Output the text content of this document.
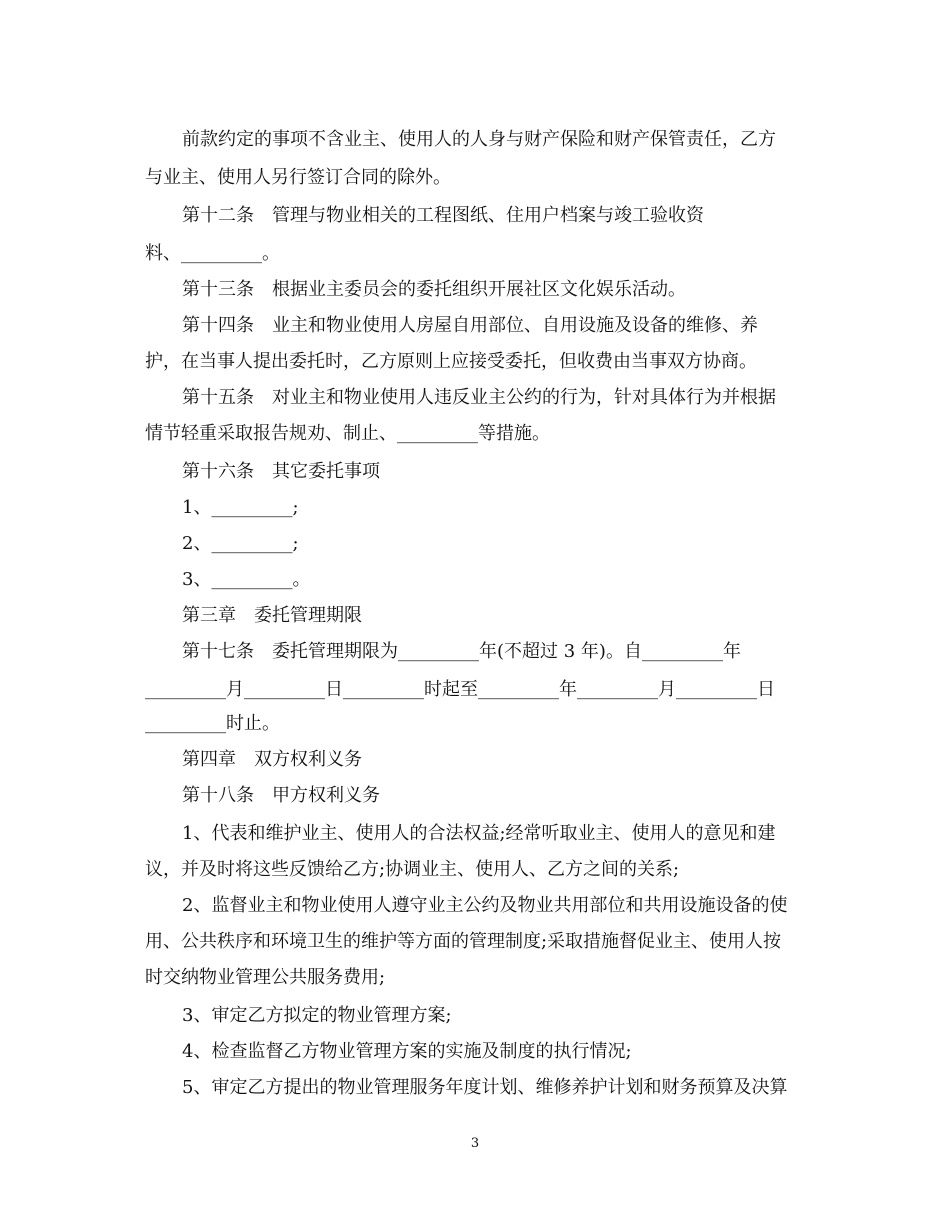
前款约定的事项不含业主、使用人的人身与财产保险和财产保管责任，乙方
与业主、使用人另行签订合同的除外。
第十二条　管理与物业相关的工程图纸、住用户档案与竣工验收资
料、_________。
第十三条　根据业主委员会的委托组织开展社区文化娱乐活动。
第十四条　业主和物业使用人房屋自用部位、自用设施及设备的维修、养
护，在当事人提出委托时，乙方原则上应接受委托，但收费由当事双方协商。
第十五条　对业主和物业使用人违反业主公约的行为，针对具体行为并根据
情节轻重采取报告规劝、制止、_________等措施。
第十六条　其它委托事项
1、_________;
2、_________;
3、_________。
第三章　委托管理期限
第十七条　委托管理期限为_________年(不超过 3 年)。自_________年
_________月_________日_________时起至_________年_________月_________日
_________时止。
第四章　双方权利义务
第十八条　甲方权利义务
1、代表和维护业主、使用人的合法权益;经常听取业主、使用人的意见和建
议，并及时将这些反馈给乙方;协调业主、使用人、乙方之间的关系;
2、监督业主和物业使用人遵守业主公约及物业共用部位和共用设施设备的使
用、公共秩序和环境卫生的维护等方面的管理制度;采取措施督促业主、使用人按
时交纳物业管理公共服务费用;
3、审定乙方拟定的物业管理方案;
4、检查监督乙方物业管理方案的实施及制度的执行情况;
5、审定乙方提出的物业管理服务年度计划、维修养护计划和财务预算及决算
3
